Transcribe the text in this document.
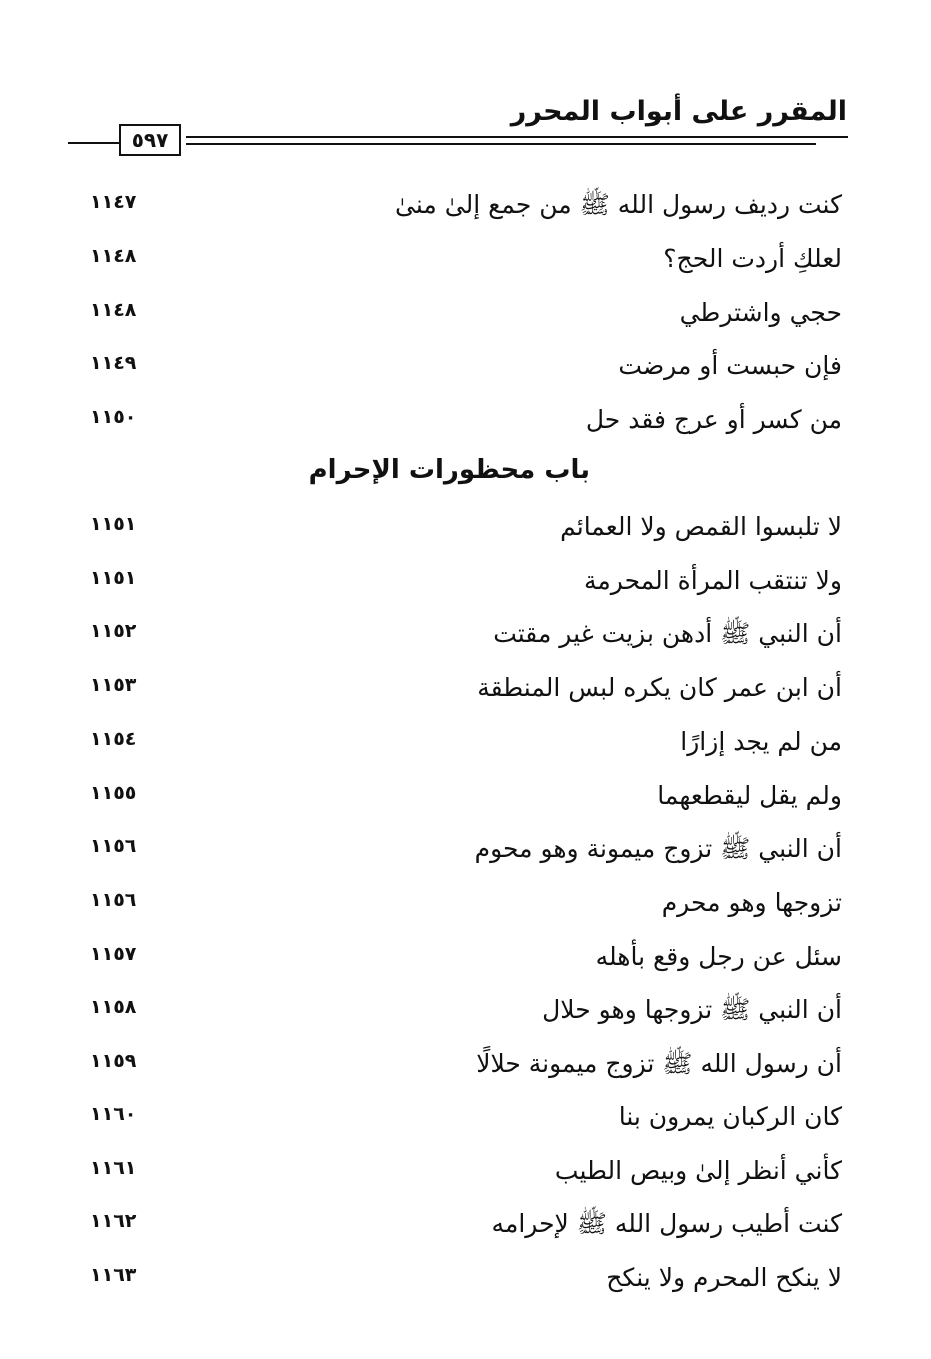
المقرر على أبواب المحرر
٥٩٧
كنت رديف رسول الله ﷺ من جمع إلىٰ منىٰ
١١٤٧
لعلكِ أردت الحج؟
١١٤٨
حجي واشترطي
١١٤٨
فإن حبست أو مرضت
١١٤٩
من كسر أو عرج فقد حل
١١٥٠
باب محظورات الإحرام
لا تلبسوا القمص ولا العمائم
١١٥١
ولا تنتقب المرأة المحرمة
١١٥١
أن النبي ﷺ أدهن بزيت غير مقتت
١١٥٢
أن ابن عمر كان يكره لبس المنطقة
١١٥٣
من لم يجد إزارًا
١١٥٤
ولم يقل ليقطعهما
١١٥٥
أن النبي ﷺ تزوج ميمونة وهو محوم
١١٥٦
تزوجها وهو محرم
١١٥٦
سئل عن رجل وقع بأهله
١١٥٧
أن النبي ﷺ تزوجها وهو حلال
١١٥٨
أن رسول الله ﷺ تزوج ميمونة حلالًا
١١٥٩
كان الركبان يمرون بنا
١١٦٠
كأني أنظر إلىٰ وبيص الطيب
١١٦١
كنت أطيب رسول الله ﷺ لإحرامه
١١٦٢
لا ينكح المحرم ولا ينكح
١١٦٣
